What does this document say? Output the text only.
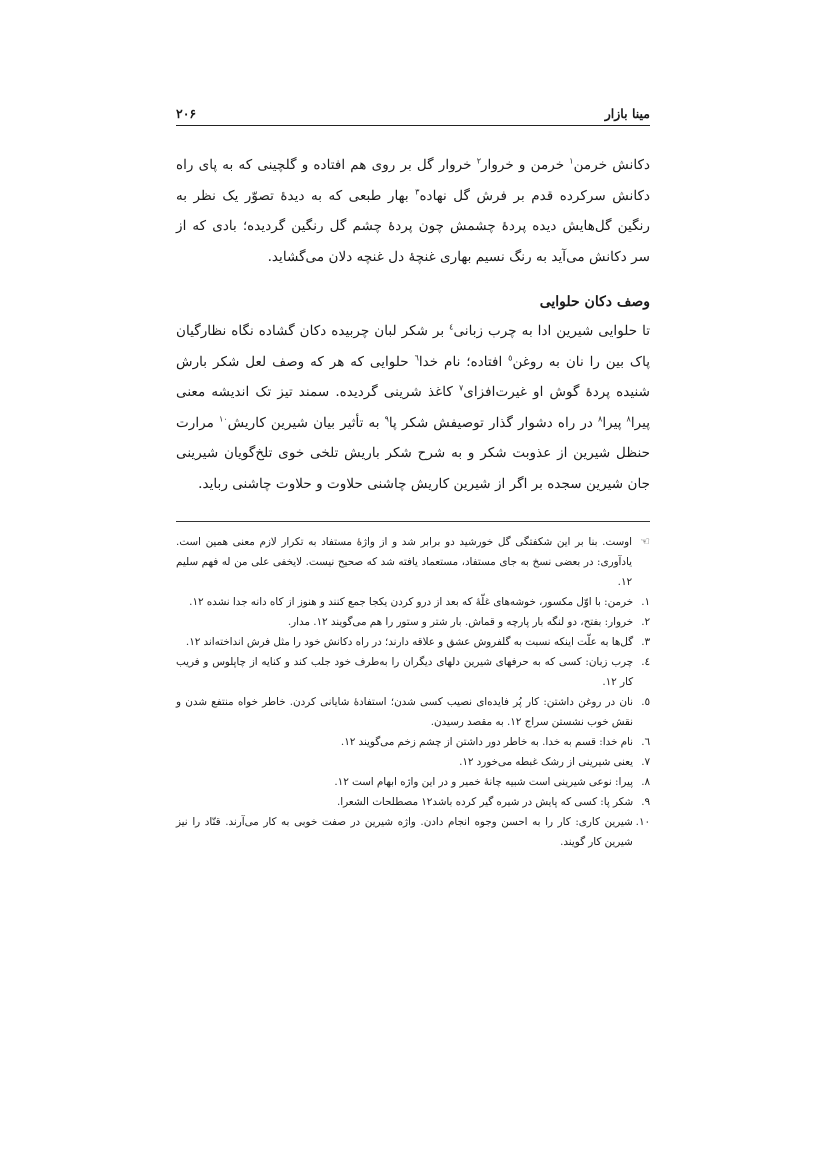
مینا بازار
۲۰۶

دکانش خرمن$^۱$ خرمن و خروار$^۲$ خروار گل بر روی هم افتاده و گلچینی که به پای راه دکانش سرکرده قدم بر فرش گل نهاده$^۳$ بهار طبعی که به دیدهٔ تصوّر یک نظر به رنگین گل‌هایش دیده پردهٔ چشمش چون پردهٔ چشم گل رنگین گردیده؛ بادی که از سر دکانش می‌آید به رنگ نسیم بهاری غنچهٔ دل غنچه دلان می‌گشاید.

وصف دکان حلوایی

تا حلوایی شیرین ادا به چرب زبانی$^٤$ بر شکر لبان چربیده دکان گشاده نگاه نظارگیان پاک بین را نان به روغن$^٥$ افتاده؛ نام خدا$^٦$ حلوایی که هر که وصف لعل شکر بارش شنیده پردهٔ گوش او غیرت‌افزای$^٧$ کاغذ شرینی گردیده. سمند تیز تک اندیشه معنی پیرا$^٨$ پیرا$^٨$ در راه دشوار گذار توصیفش شکر پا$^۹$ به تأثیر بیان شیرین کاریش$^{۱۰}$ مرارت حنظل شیرین از عذوبت شکر و به شرح شکر باریش تلخی خوی تلخ‌گویان شیرینی جان شیرین سجده بر اگر از شیرین کاریش چاشنی حلاوت و حلاوت چاشنی رباید.

☜
اوست. بنا بر این شکفتگی گل خورشید دو برابر شد و از واژهٔ مستفاد به تکرار لازم معنی همین است. یادآوری: در بعضی نسخ به جای مستفاد، مستعماد یافته شد که صحیح نیست. لایخفی علی من له فهم سلیم ۱۲.
۱.
خرمن: با اوّل مکسور، خوشه‌های غلّهٔ که بعد از درو کردن یکجا جمع کنند و هنوز از کاه دانه جدا نشده ۱۲.
۲.
خروار: بفتح، دو لنگه بار پارچه و قماش. بار شتر و ستور را هم می‌گویند ۱۲. مدار.
۳.
گل‌ها به علّت اینکه نسبت به گلفروش عشق و علاقه دارند؛ در راه دکانش خود را مثل فرش انداخته‌اند ۱۲.
٤.
چرب زبان: کسی که به حرفهای شیرین دلهای دیگران را به‌طرف خود جلب کند و کنایه از چاپلوس و فریب کار ۱۲.
٥.
نان در روغن داشتن: کار پُر فایده‌ای نصیب کسی شدن؛ استفادهٔ شایانی کردن. خاطر خواه منتفع شدن و نقش خوب نشستن سراج ۱۲. به مقصد رسیدن.
٦.
نام خدا: قسم به خدا. به خاطر دور داشتن از چشم زخم می‌گویند ۱۲.
۷.
یعنی شیرینی از رشک غبطه می‌خورد ۱۲.
۸.
پیرا: نوعی شیرینی است شبیه چانهٔ خمیر و در این واژه ابهام است ۱۲.
۹.
شکر پا: کسی که پایش در شیره گیر کرده باشد۱۲ مصطلحات الشعرا.
۱۰.
شیرین کاری: کار را به احسن وجوه انجام دادن. واژه شیرین در صفت خوبی به کار می‌آرند. قنّاد را نیز شیرین کار گویند.
